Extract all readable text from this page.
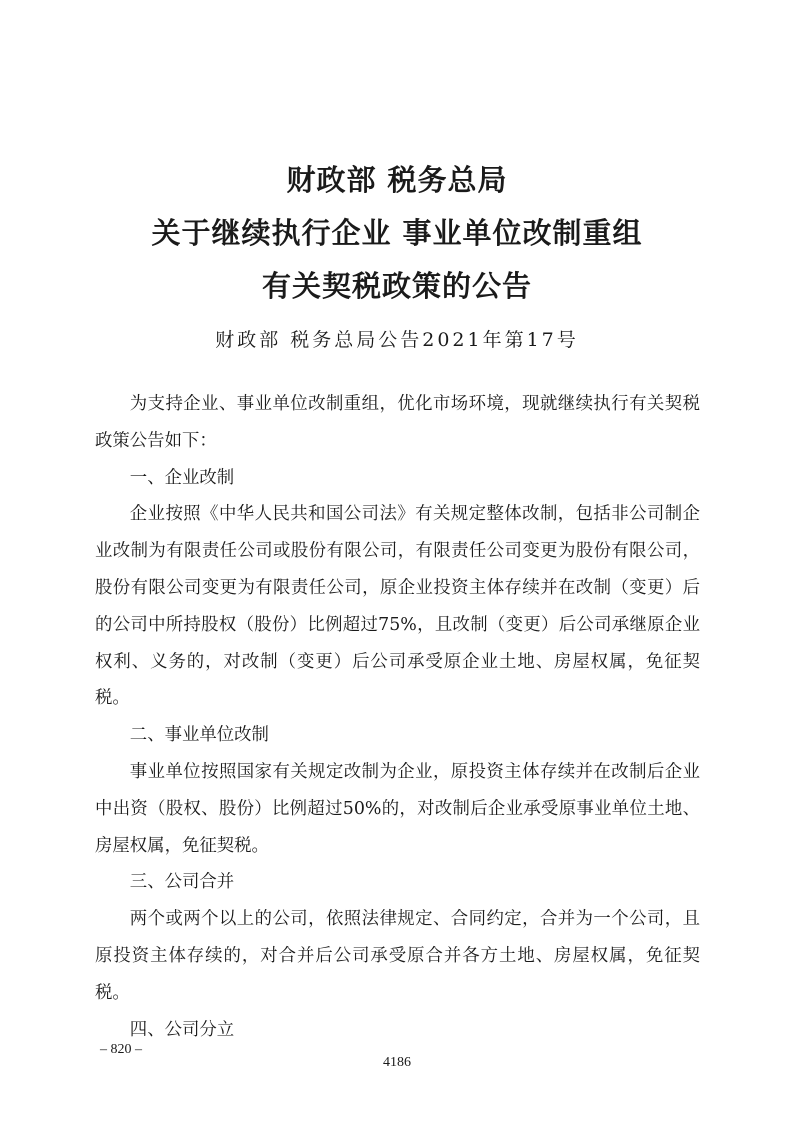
财政部 税务总局
关于继续执行企业 事业单位改制重组
有关契税政策的公告
财政部 税务总局公告2021年第17号

为支持企业、事业单位改制重组，优化市场环境，现就继续执行有关契税政策公告如下：

一、企业改制

企业按照《中华人民共和国公司法》有关规定整体改制，包括非公司制企业改制为有限责任公司或股份有限公司，有限责任公司变更为股份有限公司，股份有限公司变更为有限责任公司，原企业投资主体存续并在改制（变更）后的公司中所持股权（股份）比例超过75%，且改制（变更）后公司承继原企业权利、义务的，对改制（变更）后公司承受原企业土地、房屋权属，免征契税。

二、事业单位改制

事业单位按照国家有关规定改制为企业，原投资主体存续并在改制后企业中出资（股权、股份）比例超过50%的，对改制后企业承受原事业单位土地、房屋权属，免征契税。

三、公司合并

两个或两个以上的公司，依照法律规定、合同约定，合并为一个公司，且原投资主体存续的，对合并后公司承受原合并各方土地、房屋权属，免征契税。

四、公司分立

– 820 –
4186
